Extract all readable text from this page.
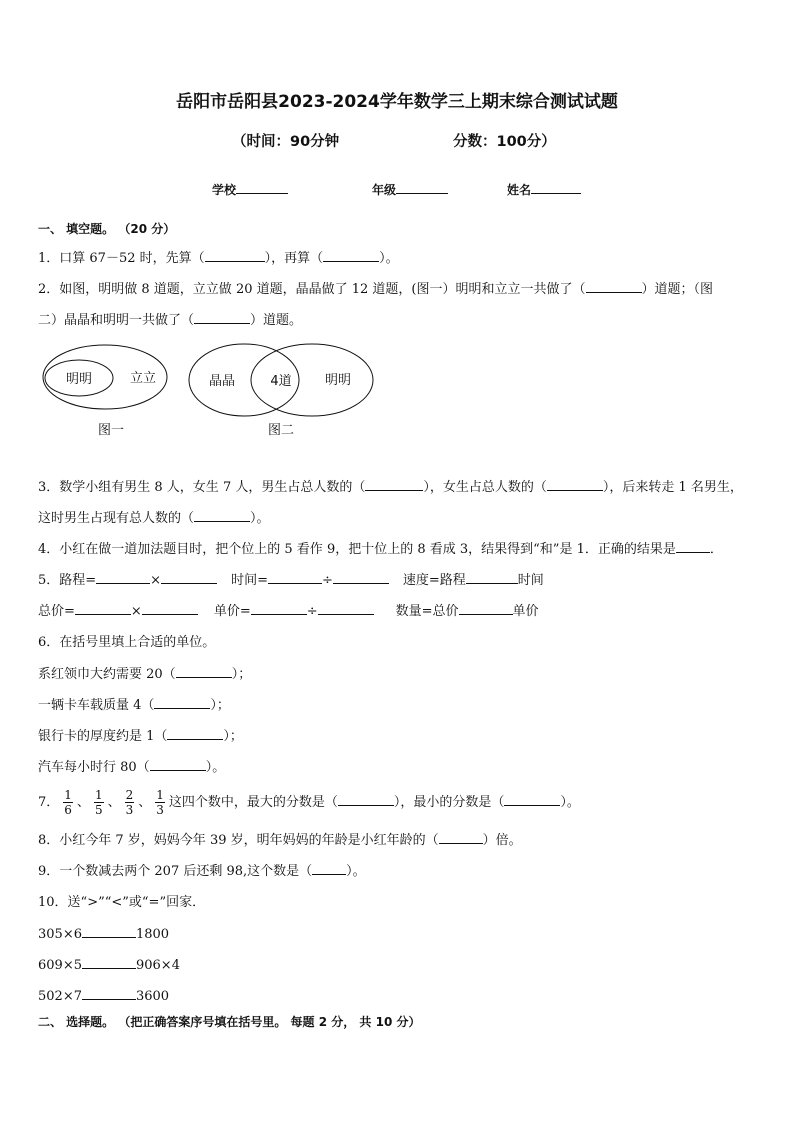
岳阳市岳阳县2023-2024学年数学三上期末综合测试试题
（时间：90分钟	分数：100分）
学校	年级	姓名
一、 填空题。 （20 分）
1．口算 67－52 时，先算（	），再算（	）。
2．如图，明明做 8 道题，立立做 20 道题，晶晶做了 12 道题，(图一）明明和立立一共做了（	）道题；（图
二）晶晶和明明一共做了（	）道题。
明明	立立
图一
晶晶	4道	明明
图二
3．数学小组有男生 8 人，女生 7 人，男生占总人数的（	），女生占总人数的（	），后来转走 1 名男生，
这时男生占现有总人数的（	）。
4．小红在做一道加法题目时，把个位上的 5 看作 9，把十位上的 8 看成 3，结果得到“和”是 1．正确的结果是	．
5．路程=	×	时间=	÷	速度=路程	时间
总价=	×	单价=	÷	数量=总价	单价
6．在括号里填上合适的单位。
系红领巾大约需要 20（	）；
一辆卡车载质量 4（	）；
银行卡的厚度约是 1（	）；
汽车每小时行 80（	）。
7． $\frac{1}{6}$ 、 $\frac{1}{5}$ 、 $\frac{2}{3}$ 、 $\frac{1}{3}$ 这四个数中，最大的分数是（	），最小的分数是（	）。
8．小红今年 7 岁，妈妈今年 39 岁，明年妈妈的年龄是小红年龄的（	）倍。
9．一个数减去两个 207 后还剩 98,这个数是（	）。
10．送“>”“<”或“=”回家．
305×6	1800
609×5	906×4
502×7	3600
二、 选择题。 （把正确答案序号填在括号里。 每题 2 分， 共 10 分）
